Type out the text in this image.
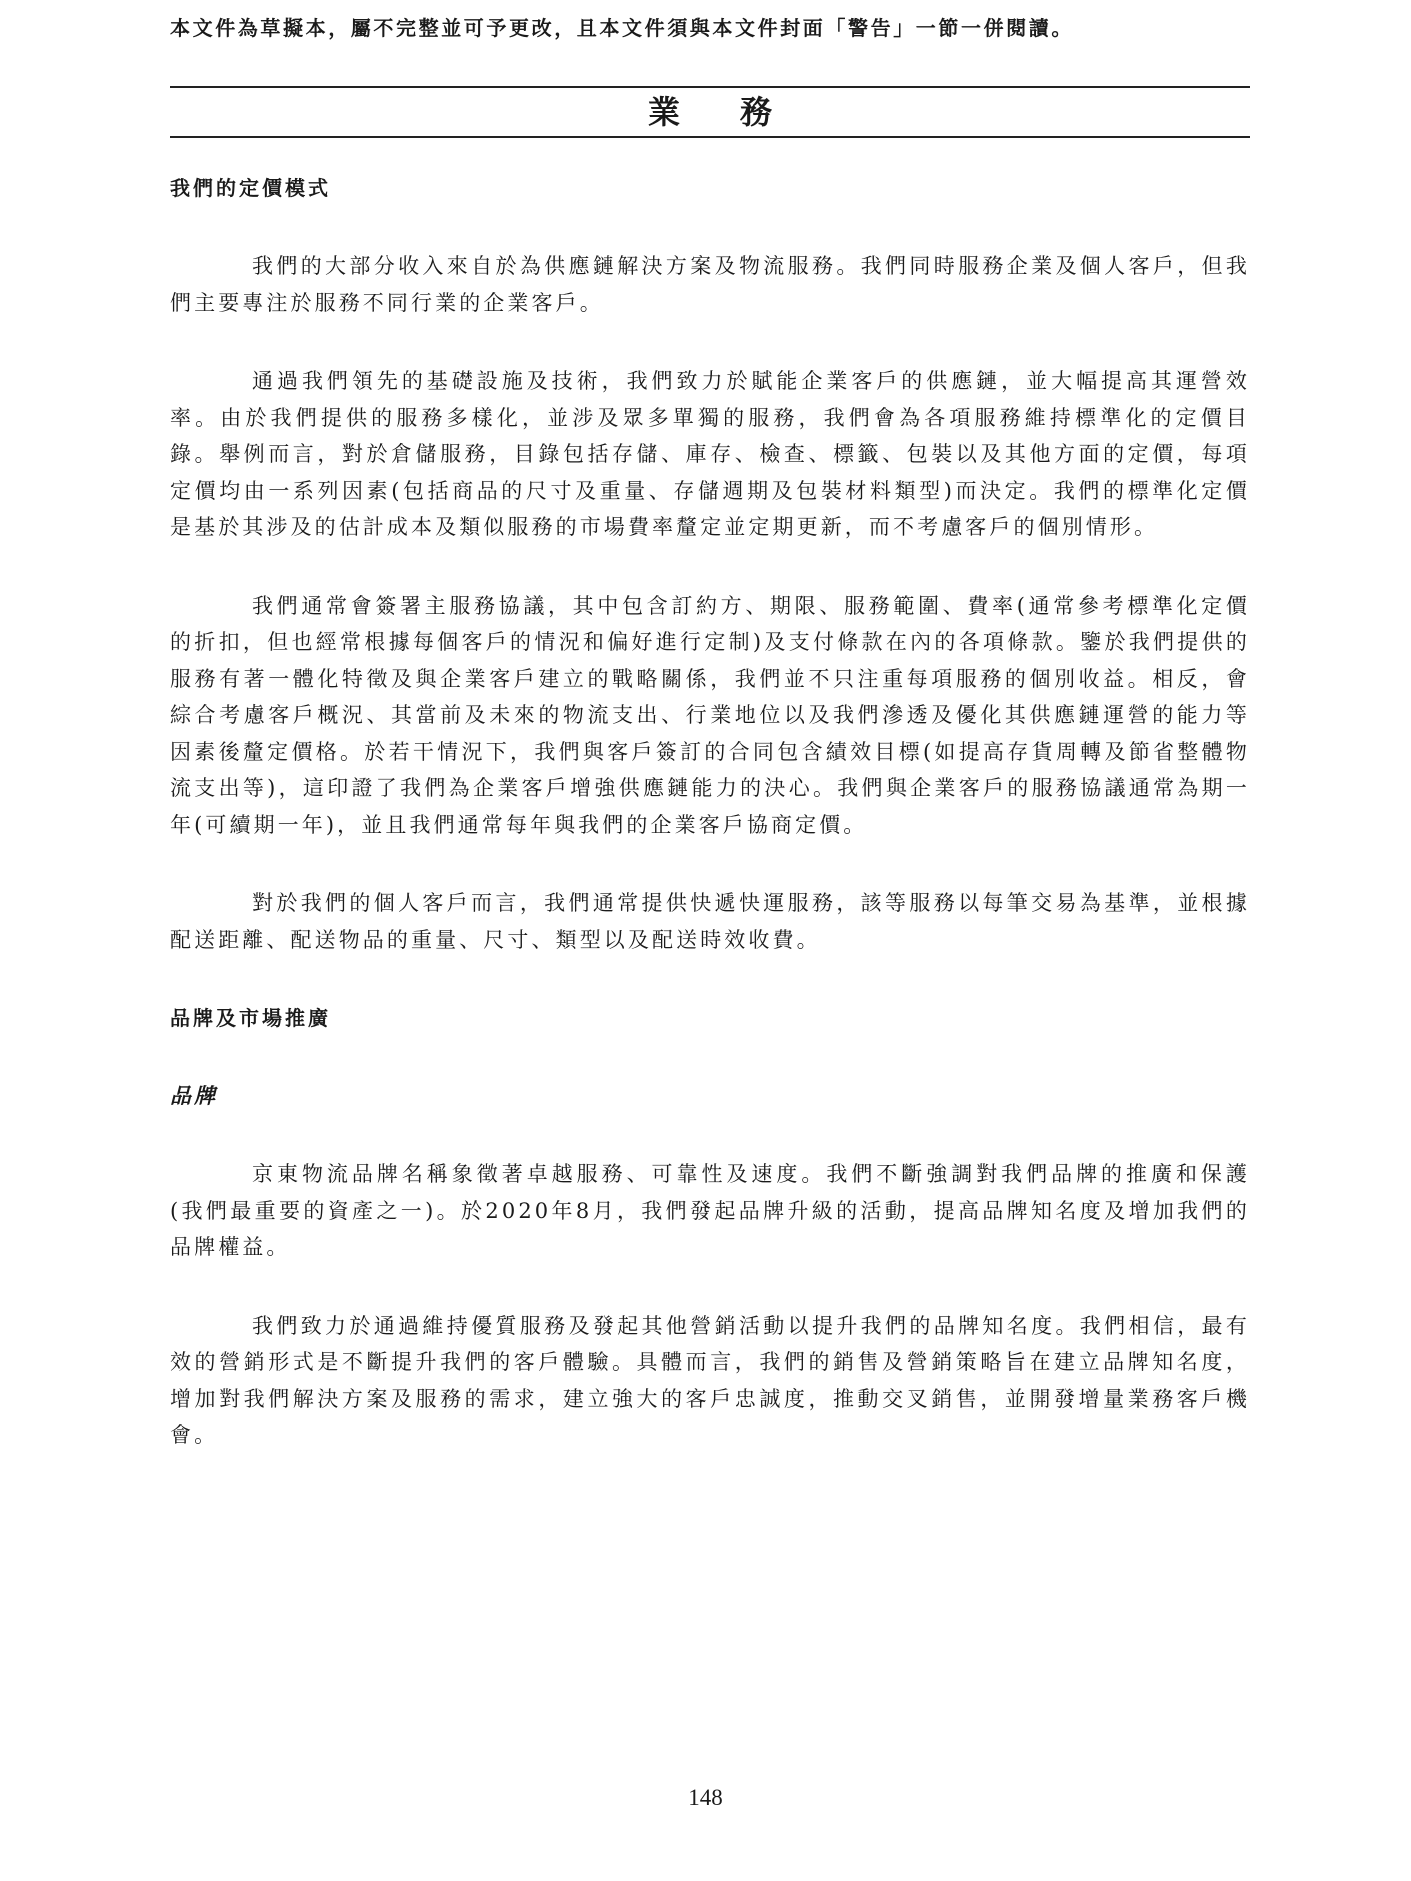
本文件為草擬本，屬不完整並可予更改，且本文件須與本文件封面「警告」一節一併閱讀。
業務
我們的定價模式

我們的大部分收入來自於為供應鏈解決方案及物流服務。我們同時服務企業及個人客戶，但我們主要專注於服務不同行業的企業客戶。

通過我們領先的基礎設施及技術，我們致力於賦能企業客戶的供應鏈，並大幅提高其運營效率。由於我們提供的服務多樣化，並涉及眾多單獨的服務，我們會為各項服務維持標準化的定價目錄。舉例而言，對於倉儲服務，目錄包括存儲、庫存、檢查、標籤、包裝以及其他方面的定價，每項定價均由一系列因素(包括商品的尺寸及重量、存儲週期及包裝材料類型)而決定。我們的標準化定價是基於其涉及的估計成本及類似服務的市場費率釐定並定期更新，而不考慮客戶的個別情形。

我們通常會簽署主服務協議，其中包含訂約方、期限、服務範圍、費率(通常參考標準化定價的折扣，但也經常根據每個客戶的情況和偏好進行定制)及支付條款在內的各項條款。鑒於我們提供的服務有著一體化特徵及與企業客戶建立的戰略關係，我們並不只注重每項服務的個別收益。相反，會綜合考慮客戶概況、其當前及未來的物流支出、行業地位以及我們滲透及優化其供應鏈運營的能力等因素後釐定價格。於若干情況下，我們與客戶簽訂的合同包含績效目標(如提高存貨周轉及節省整體物流支出等)，這印證了我們為企業客戶增強供應鏈能力的決心。我們與企業客戶的服務協議通常為期一年(可續期一年)，並且我們通常每年與我們的企業客戶協商定價。

對於我們的個人客戶而言，我們通常提供快遞快運服務，該等服務以每筆交易為基準，並根據配送距離、配送物品的重量、尺寸、類型以及配送時效收費。

品牌及市場推廣
品牌

京東物流品牌名稱象徵著卓越服務、可靠性及速度。我們不斷強調對我們品牌的推廣和保護(我們最重要的資產之一)。於2020年8月，我們發起品牌升級的活動，提高品牌知名度及增加我們的品牌權益。

我們致力於通過維持優質服務及發起其他營銷活動以提升我們的品牌知名度。我們相信，最有效的營銷形式是不斷提升我們的客戶體驗。具體而言，我們的銷售及營銷策略旨在建立品牌知名度，增加對我們解決方案及服務的需求，建立強大的客戶忠誠度，推動交叉銷售，並開發增量業務客戶機會。

148
